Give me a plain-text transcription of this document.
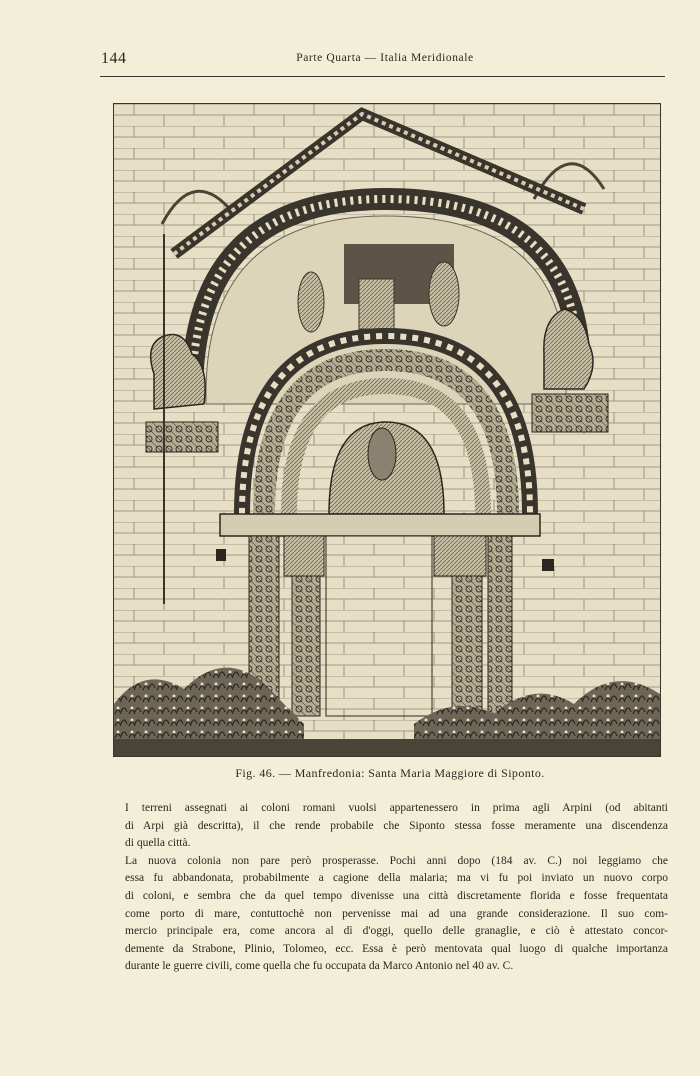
144	Parte Quarta — Italia Meridionale
Fig. 46. — Manfredonia: Santa Maria Maggiore di Siponto.

I terreni assegnati ai coloni romani vuolsi appartenessero in prima agli Arpini (od abitanti
di Arpi già descritta), il che rende probabile che Siponto stessa fosse meramente una discendenza
di quella città.

La nuova colonia non pare però prosperasse. Pochi anni dopo (184 av. C.) noi leggiamo che
essa fu abbandonata, probabilmente a cagione della malaria; ma vi fu poi inviato un nuovo corpo
di coloni, e sembra che da quel tempo divenisse una città discretamente florida e fosse frequentata
come porto di mare, contuttochè non pervenisse mai ad una grande considerazione. Il suo com-
mercio principale era, come ancora al dì d'oggi, quello delle granaglie, e ciò è attestato concor-
demente da Strabone, Plinio, Tolomeo, ecc. Essa è però mentovata qual luogo di qualche importanza
durante le guerre civili, come quella che fu occupata da Marco Antonio nel 40 av. C.
